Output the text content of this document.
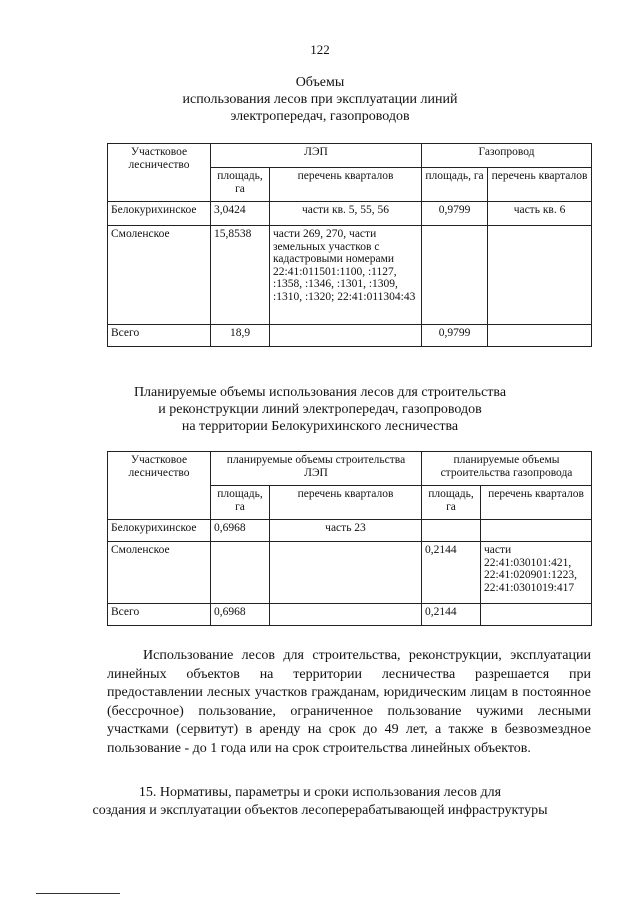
122
Объемы
использования лесов при эксплуатации линий
электропередач, газопроводов
Участковое лесничество	ЛЭП		Газопровод	
	площадь, га	перечень кварталов	площадь, га	перечень кварталов
Белокурихинское	3,0424	части кв. 5, 55, 56	0,9799	часть кв. 6
Смоленское	15,8538	части 269, 270, части земельных участков с кадастровыми номерами 22:41:011501:1100, :1127, :1358, :1346, :1301, :1309, :1310, :1320; 22:41:011304:43		
Всего	18,9		0,9799	
Планируемые объемы использования лесов для строительства
и реконструкции линий электропередач, газопроводов
на территории Белокурихинского лесничества
Участковое лесничество	планируемые объемы строительства ЛЭП		планируемые объемы строительства газопровода	
	площадь, га	перечень кварталов	площадь, га	перечень кварталов
Белокурихинское	0,6968	часть 23		
Смоленское			0,2144	части 22:41:030101:421, 22:41:020901:1223, 22:41:0301019:417
Всего	0,6968		0,2144	

Использование лесов для строительства, реконструкции, эксплуатации линейных объектов на территории лесничества разрешается при предоставлении лесных участков гражданам, юридическим лицам в постоянное (бессрочное) пользование, ограниченное пользование чужими лесными участками (сервитут) в аренду на срок до 49 лет, а также в безвозмездное пользование - до 1 года или на срок строительства линейных объектов.

15. Нормативы, параметры и сроки использования лесов для
создания и эксплуатации объектов лесоперерабатывающей инфраструктуры
